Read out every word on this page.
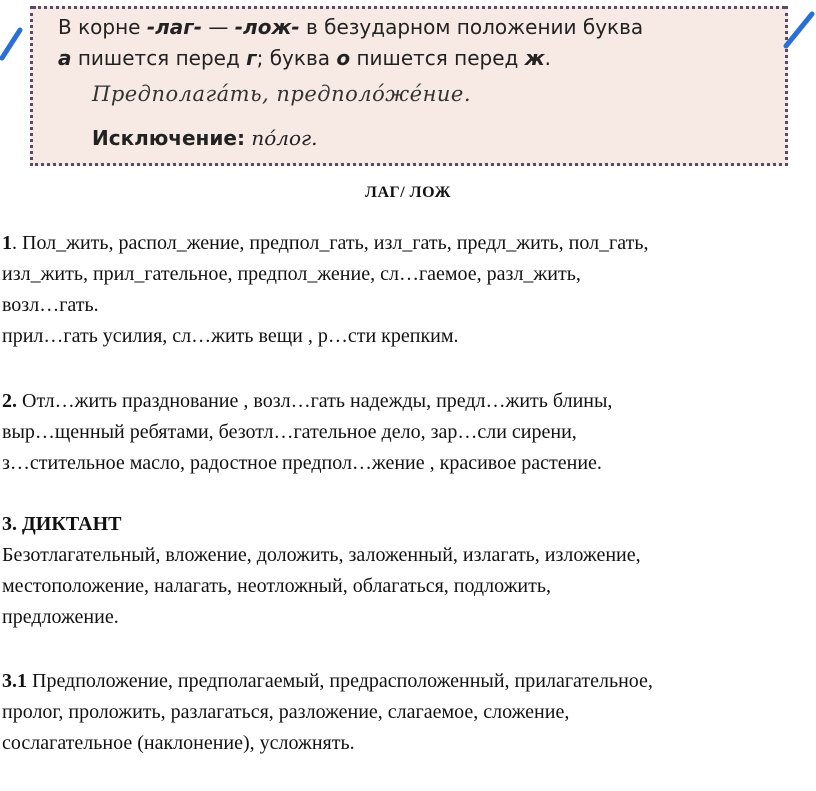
В корне -лаг- — -лож- в безударном положении буква
а пишется перед г; буква о пишется перед ж.
Предполага́ть, предполо́же́ние.
Исключение: по́лог.
ЛАГ/ ЛОЖ
1. Пол_жить, распол_жение, предпол_гать, изл_гать, предл_жить, пол_гать,
изл_жить, прил_гательное, предпол_жение, сл…гаемое, разл_жить,
возл…гать.
прил…гать усилия, сл…жить вещи , р…сти крепким.
2. Отл…жить празднование , возл…гать надежды, предл…жить блины,
выр…щенный ребятами, безотл…гательное дело, зар…сли сирени,
з…стительное масло, радостное предпол…жение , красивое растение.
3. ДИКТАНТ
Безотлагательный, вложение, доложить, заложенный, излагать, изложение,
местоположение, налагать, неотложный, облагаться, подложить,
предложение.
3.1 Предположение, предполагаемый, предрасположенный, прилагательное,
пролог, проложить, разлагаться, разложение, слагаемое, сложение,
сослагательное (наклонение), усложнять.
